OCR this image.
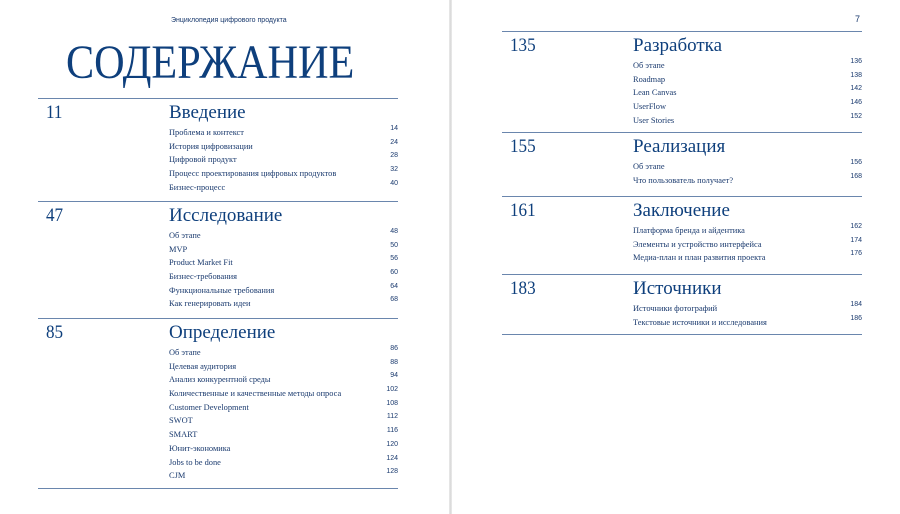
Энциклопедия цифрового продукта	7
СОДЕРЖАНИЕ
11	Введение
Проблема и контекст	14
История цифровизации	24
Цифровой продукт	28
Процесс проектирования цифровых продуктов	32
Бизнес-процесс	40
47	Исследование
Об этапе	48
MVP	50
Product Market Fit	56
Бизнес-требования	60
Функциональные требования	64
Как генерировать идеи	68
85	Определение
Об этапе	86
Целевая аудитория	88
Анализ конкурентной среды	94
Количественные и качественные методы опроса	102
Customer Development	108
SWOT	112
SMART	116
Юнит-экономика	120
Jobs to be done	124
CJM	128
135	Разработка
Об этапе	136
Roadmap	138
Lean Canvas	142
UserFlow	146
User Stories	152
155	Реализация
Об этапе	156
Что пользователь получает?	168
161	Заключение
Платформа бренда и айдентика	162
Элементы и устройство интерфейса	174
Медиа-план и план развития проекта	176
183	Источники
Источники фотографий	184
Текстовые источники и исследования	186
